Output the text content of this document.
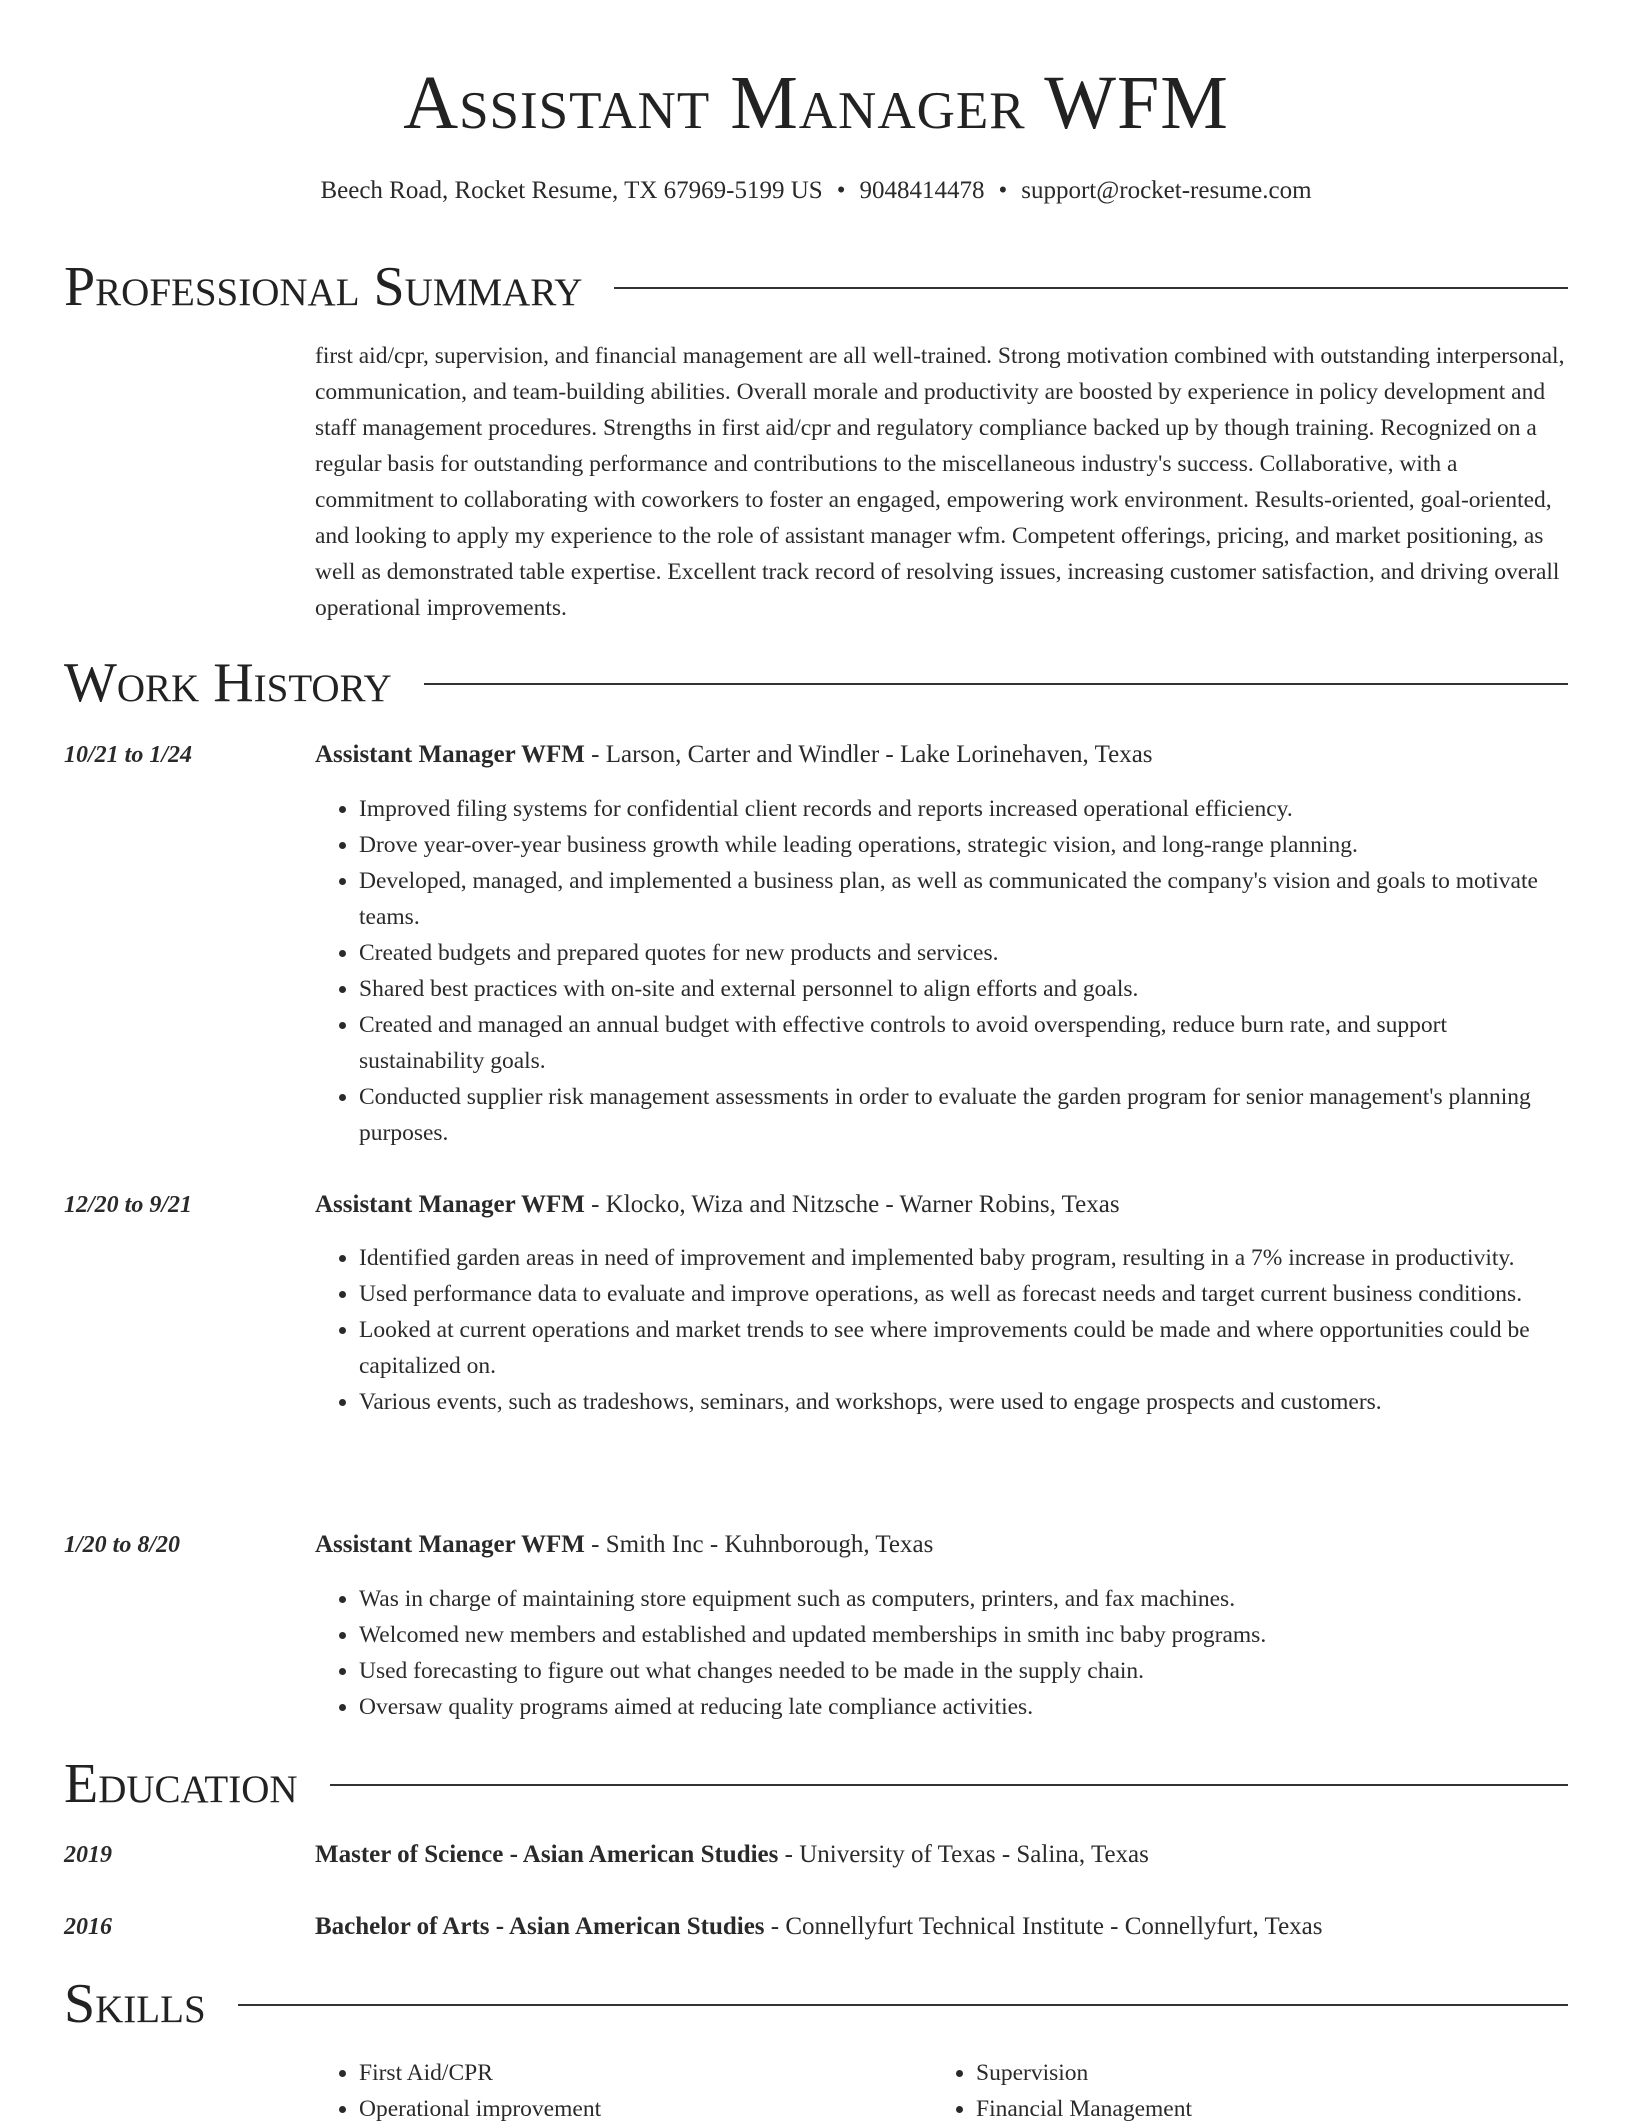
Assistant Manager WFM
Beech Road, Rocket Resume, TX 67969-5199 US • 9048414478 • support@rocket-resume.com
Professional Summary

first aid/cpr, supervision, and financial management are all well-trained. Strong motivation combined with outstanding interpersonal, communication, and team-building abilities. Overall morale and productivity are boosted by experience in policy development and staff management procedures. Strengths in first aid/cpr and regulatory compliance backed up by though training. Recognized on a regular basis for outstanding performance and contributions to the miscellaneous industry's success. Collaborative, with a commitment to collaborating with coworkers to foster an engaged, empowering work environment. Results-oriented, goal-oriented, and looking to apply my experience to the role of assistant manager wfm. Competent offerings, pricing, and market positioning, as well as demonstrated table expertise. Excellent track record of resolving issues, increasing customer satisfaction, and driving overall operational improvements.

Work History
10/21 to 1/24	Assistant Manager WFM - Larson, Carter and Windler - Lake Lorinehaven, Texas
• Improved filing systems for confidential client records and reports increased operational efficiency.
• Drove year-over-year business growth while leading operations, strategic vision, and long-range planning.
• Developed, managed, and implemented a business plan, as well as communicated the company's vision and goals to motivate teams.
• Created budgets and prepared quotes for new products and services.
• Shared best practices with on-site and external personnel to align efforts and goals.
• Created and managed an annual budget with effective controls to avoid overspending, reduce burn rate, and support sustainability goals.
• Conducted supplier risk management assessments in order to evaluate the garden program for senior management's planning purposes.
12/20 to 9/21	Assistant Manager WFM - Klocko, Wiza and Nitzsche - Warner Robins, Texas
• Identified garden areas in need of improvement and implemented baby program, resulting in a 7% increase in productivity.
• Used performance data to evaluate and improve operations, as well as forecast needs and target current business conditions.
• Looked at current operations and market trends to see where improvements could be made and where opportunities could be capitalized on.
• Various events, such as tradeshows, seminars, and workshops, were used to engage prospects and customers.
1/20 to 8/20	Assistant Manager WFM - Smith Inc - Kuhnborough, Texas
• Was in charge of maintaining store equipment such as computers, printers, and fax machines.
• Welcomed new members and established and updated memberships in smith inc baby programs.
• Used forecasting to figure out what changes needed to be made in the supply chain.
• Oversaw quality programs aimed at reducing late compliance activities.
Education
2019	Master of Science - Asian American Studies - University of Texas - Salina, Texas
2016	Bachelor of Arts - Asian American Studies - Connellyfurt Technical Institute - Connellyfurt, Texas
Skills
• First Aid/CPR
• Operational improvement
• Supervision
• Financial Management
